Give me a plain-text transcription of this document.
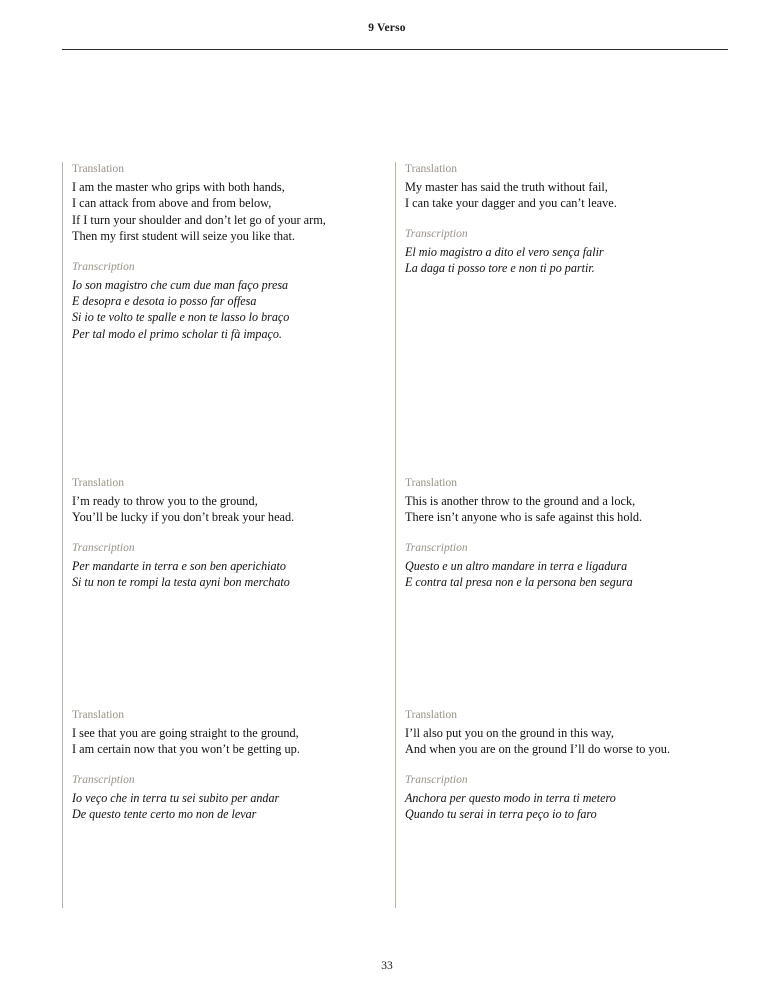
9 Verso
Translation
I am the master who grips with both hands,
I can attack from above and from below,
If I turn your shoulder and don’t let go of your arm,
Then my first student will seize you like that.
Transcription
Io son magistro che cum due man faço presa
E desopra e desota io posso far offesa
Si io te volto te spalle e non te lasso lo braço
Per tal modo el primo scholar ti fà impaço.
Translation
My master has said the truth without fail,
I can take your dagger and you can’t leave.
Transcription
El mio magistro a dito el vero sença falir
La daga ti posso tore e non ti po partir.
Translation
I’m ready to throw you to the ground,
You’ll be lucky if you don’t break your head.
Transcription
Per mandarte in terra e son ben aperichiato
Si tu non te rompi la testa ayni bon merchato
Translation
This is another throw to the ground and a lock,
There isn’t anyone who is safe against this hold.
Transcription
Questo e un altro mandare in terra e ligadura
E contra tal presa non e la persona ben segura
Translation
I see that you are going straight to the ground,
I am certain now that you won’t be getting up.
Transcription
Io veço che in terra tu sei subito per andar
De questo tente certo mo non de levar
Translation
I’ll also put you on the ground in this way,
And when you are on the ground I’ll do worse to you.
Transcription
Anchora per questo modo in terra ti metero
Quando tu serai in terra peço io to faro
33
